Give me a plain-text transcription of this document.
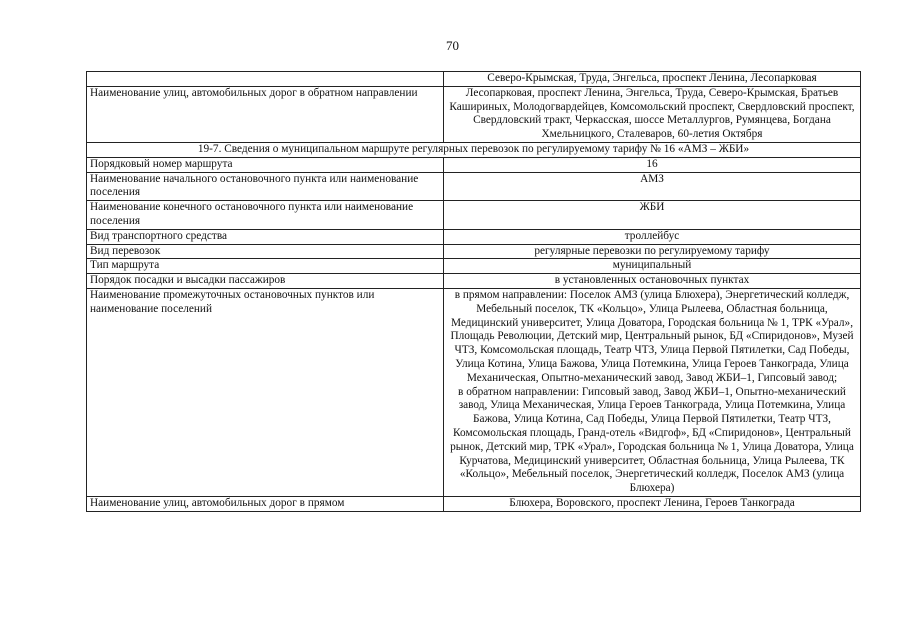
70
	Северо-Крымская, Труда, Энгельса, проспект Ленина, Лесопарковая
Наименование улиц, автомобильных дорог в обратном направлении	Лесопарковая, проспект Ленина, Энгельса, Труда, Северо-Крымская, Братьев Кашириных, Молодогвардейцев, Комсомольский проспект, Свердловский проспект, Свердловский тракт, Черкасская, шоссе Металлургов, Румянцева, Богдана Хмельницкого, Сталеваров, 60-летия Октября
19-7. Сведения о муниципальном маршруте регулярных перевозок по регулируемому тарифу № 16 «АМЗ – ЖБИ»	
Порядковый номер маршрута	16
Наименование начального остановочного пункта или наименование поселения	АМЗ
Наименование конечного остановочного пункта или наименование поселения	ЖБИ
Вид транспортного средства	троллейбус
Вид перевозок	регулярные перевозки по регулируемому тарифу
Тип маршрута	муниципальный
Порядок посадки и высадки пассажиров	в установленных остановочных пунктах
Наименование промежуточных остановочных пунктов или наименование поселений	в прямом направлении: Поселок АМЗ (улица Блюхера), Энергетический колледж, Мебельный поселок, ТК «Кольцо», Улица Рылеева, Областная больница, Медицинский университет, Улица Доватора, Городская больница № 1, ТРК «Урал», Площадь Революции, Детский мир, Центральный рынок, БД «Спиридонов», Музей ЧТЗ, Комсомольская площадь, Театр ЧТЗ, Улица Первой Пятилетки, Сад Победы, Улица Котина, Улица Бажова, Улица Потемкина, Улица Героев Танкограда, Улица Механическая, Опытно-механический завод, Завод ЖБИ–1, Гипсовый завод;
в обратном направлении: Гипсовый завод, Завод ЖБИ–1, Опытно-механический завод, Улица Механическая, Улица Героев Танкограда, Улица Потемкина, Улица Бажова, Улица Котина, Сад Победы, Улица Первой Пятилетки, Театр ЧТЗ, Комсомольская площадь, Гранд-отель «Видгоф», БД «Спиридонов», Центральный рынок, Детский мир, ТРК «Урал», Городская больница № 1, Улица Доватора, Улица Курчатова, Медицинский университет, Областная больница, Улица Рылеева, ТК «Кольцо», Мебельный поселок, Энергетический колледж, Поселок АМЗ (улица Блюхера)

Наименование улиц, автомобильных дорог в прямом	Блюхера, Воровского, проспект Ленина, Героев Танкограда
